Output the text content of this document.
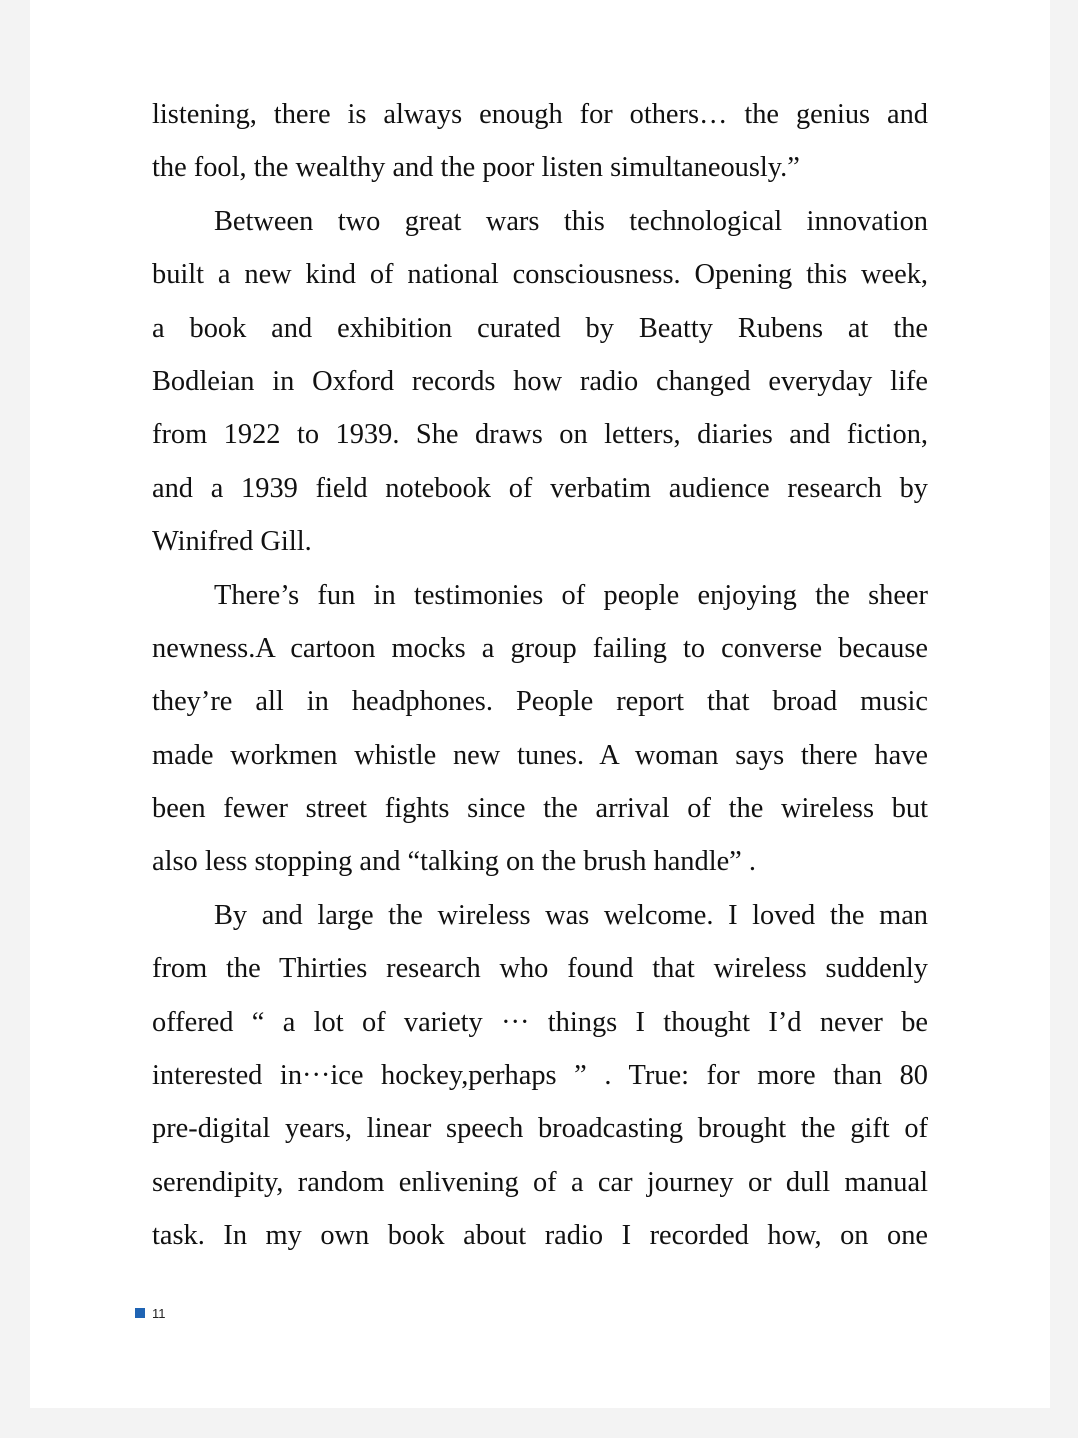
listening, there is always enough for others… the genius and
the fool, the wealthy and the poor listen simultaneously.”
Between two great wars this technological innovation
built a new kind of national consciousness. Opening this week,
a book and exhibition curated by Beatty Rubens at the
Bodleian in Oxford records how radio changed everyday life
from 1922 to 1939. She draws on letters, diaries and fiction,
and a 1939 field notebook of verbatim audience research by
Winifred Gill.
There’s fun in testimonies of people enjoying the sheer
newness.A cartoon mocks a group failing to converse because
they’re all in headphones. People report that broad music
made workmen whistle new tunes. A woman says there have
been fewer street fights since the arrival of the wireless but
also less stopping and “talking on the brush handle” .
By and large the wireless was welcome. I loved the man
from the Thirties research who found that wireless suddenly
offered “ a lot of variety ··· things I thought I’d never be
interested in···ice hockey,perhaps ” . True: for more than 80
pre-digital years, linear speech broadcasting brought the gift of
serendipity, random enlivening of a car journey or dull manual
task. In my own book about radio I recorded how, on one
11
